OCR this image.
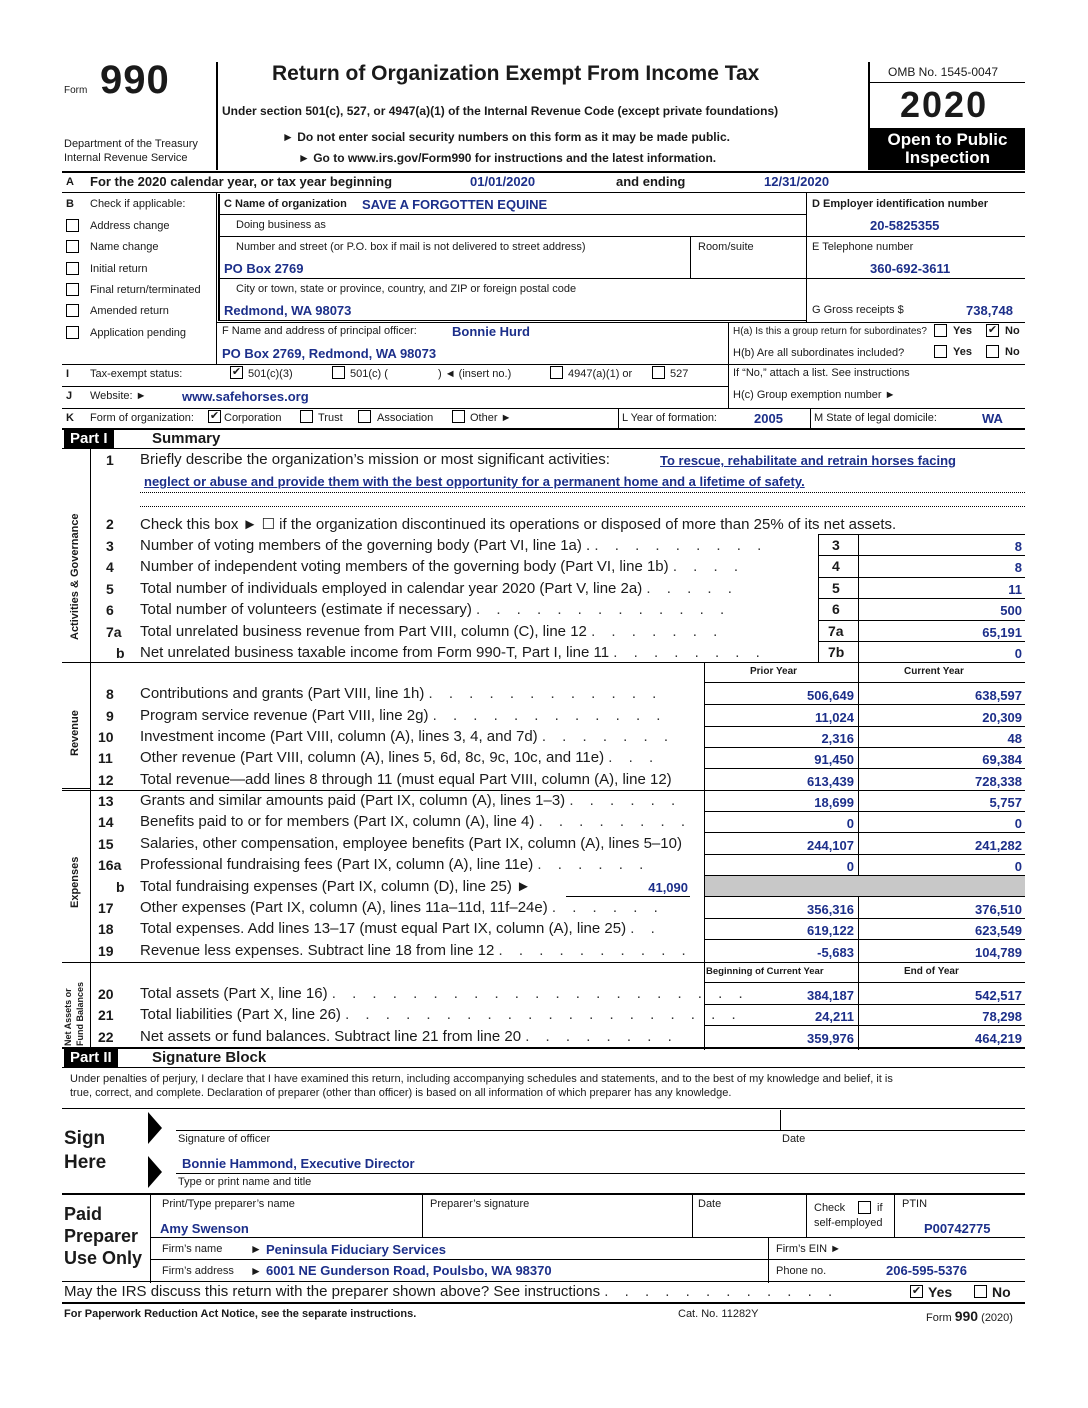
Form 990
Department of the Treasury
Internal Revenue Service
Return of Organization Exempt From Income Tax
Under section 501(c), 527, or 4947(a)(1) of the Internal Revenue Code (except private foundations)
► Do not enter social security numbers on this form as it may be made public.
► Go to www.irs.gov/Form990 for instructions and the latest information.
OMB No. 1545-0047
2020
Open to Public
Inspection
A For the 2020 calendar year, or tax year beginning	01/01/2020	and ending	12/31/2020
B Check if applicable:
Address change
Name change
Initial return
Final return/terminated
Amended return
Application pending
C Name of organization SAVE A FORGOTTEN EQUINE
Doing business as
Number and street (or P.O. box if mail is not delivered to street address)	Room/suite
PO Box 2769
City or town, state or province, country, and ZIP or foreign postal code
Redmond, WA 98073
D Employer identification number
20-5825355
E Telephone number
360-692-3611
G Gross receipts $	738,748
F Name and address of principal officer:	Bonnie Hurd
PO Box 2769, Redmond, WA 98073
H(a) Is this a group return for subordinates? Yes ✔ No
H(b) Are all subordinates included?	Yes	No
If “No,” attach a list. See instructions
I Tax-exempt status:	✔ 501(c)(3)	501(c) (	) ◄ (insert no.)	4947(a)(1) or	527
J Website: ►	www.safehorses.org	H(c) Group exemption number ►
K Form of organization: ✔ Corporation	Trust	Association	Other ►	L Year of formation:	2005	M State of legal domicile:	WA
Part I	Summary
Activities & Governance
Revenue
Expenses
Net Assets or Fund Balances
1 Briefly describe the organization’s mission or most significant activities:	To rescue, rehabilitate and retrain horses facing
neglect or abuse and provide them with the best opportunity for a permanent home and a lifetime of safety.
2 Check this box ► ☐ if the organization discontinued its operations or disposed of more than 25% of its net assets.
3 Number of voting members of the governing body (Part VI, line 1a) . . . . . . . . . .	3	8
4 Number of independent voting members of the governing body (Part VI, line 1b) . . . .	4	8
5 Total number of individuals employed in calendar year 2020 (Part V, line 2a) . . . . .	5	11
6 Total number of volunteers (estimate if necessary) . . . . . . . . . . . . .	6	500
7a Total unrelated business revenue from Part VIII, column (C), line 12 . . . . . . .	7a	65,191
b Net unrelated business taxable income from Form 990-T, Part I, line 11 . . . . . . . .	7b	0
Prior Year	Current Year
8 Contributions and grants (Part VIII, line 1h) . . . . . . . . . . . .	506,649	638,597
9 Program service revenue (Part VIII, line 2g) . . . . . . . . . . . .	11,024	20,309
10 Investment income (Part VIII, column (A), lines 3, 4, and 7d) . . . . . . .	2,316	48
11 Other revenue (Part VIII, column (A), lines 5, 6d, 8c, 9c, 10c, and 11e) . . .	91,450	69,384
12 Total revenue—add lines 8 through 11 (must equal Part VIII, column (A), line 12)	613,439	728,338
13 Grants and similar amounts paid (Part IX, column (A), lines 1–3) . . . . . .	18,699	5,757
14 Benefits paid to or for members (Part IX, column (A), line 4) . . . . . . . .	0	0
15 Salaries, other compensation, employee benefits (Part IX, column (A), lines 5–10)	244,107	241,282
16a Professional fundraising fees (Part IX, column (A), line 11e) . . . . . .	0	0
b Total fundraising expenses (Part IX, column (D), line 25) ►	41,090
17 Other expenses (Part IX, column (A), lines 11a–11d, 11f–24e) . . . . . .	356,316	376,510
18 Total expenses. Add lines 13–17 (must equal Part IX, column (A), line 25) . .	619,122	623,549
19 Revenue less expenses. Subtract line 18 from line 12 . . . . . . . . . .	-5,683	104,789
Beginning of Current Year	End of Year
20 Total assets (Part X, line 16) . . . . . . . . . . . . . . . . . . . . .	384,187	542,517
21 Total liabilities (Part X, line 26) . . . . . . . . . . . . . . . . . . . .	24,211	78,298
22 Net assets or fund balances. Subtract line 21 from line 20 . . . . . . . .	359,976	464,219
Part II	Signature Block
Under penalties of perjury, I declare that I have examined this return, including accompanying schedules and statements, and to the best of my knowledge and belief, it is
true, correct, and complete. Declaration of preparer (other than officer) is based on all information of which preparer has any knowledge.
Sign
Here
Signature of officer	Date
Bonnie Hammond, Executive Director
Type or print name and title
Paid
Preparer
Use Only
Print/Type preparer’s name	Preparer’s signature	Date	Check	if
self-employed
PTIN
Amy Swenson	P00742775
Firm’s name ► Peninsula Fiduciary Services	Firm’s EIN ►
Firm’s address ► 6001 NE Gunderson Road, Poulsbo, WA 98370	Phone no.	206-595-5376
May the IRS discuss this return with the preparer shown above? See instructions . . . . . . . . . . . .	✔ Yes	No
For Paperwork Reduction Act Notice, see the separate instructions.	Cat. No. 11282Y	Form 990 (2020)
